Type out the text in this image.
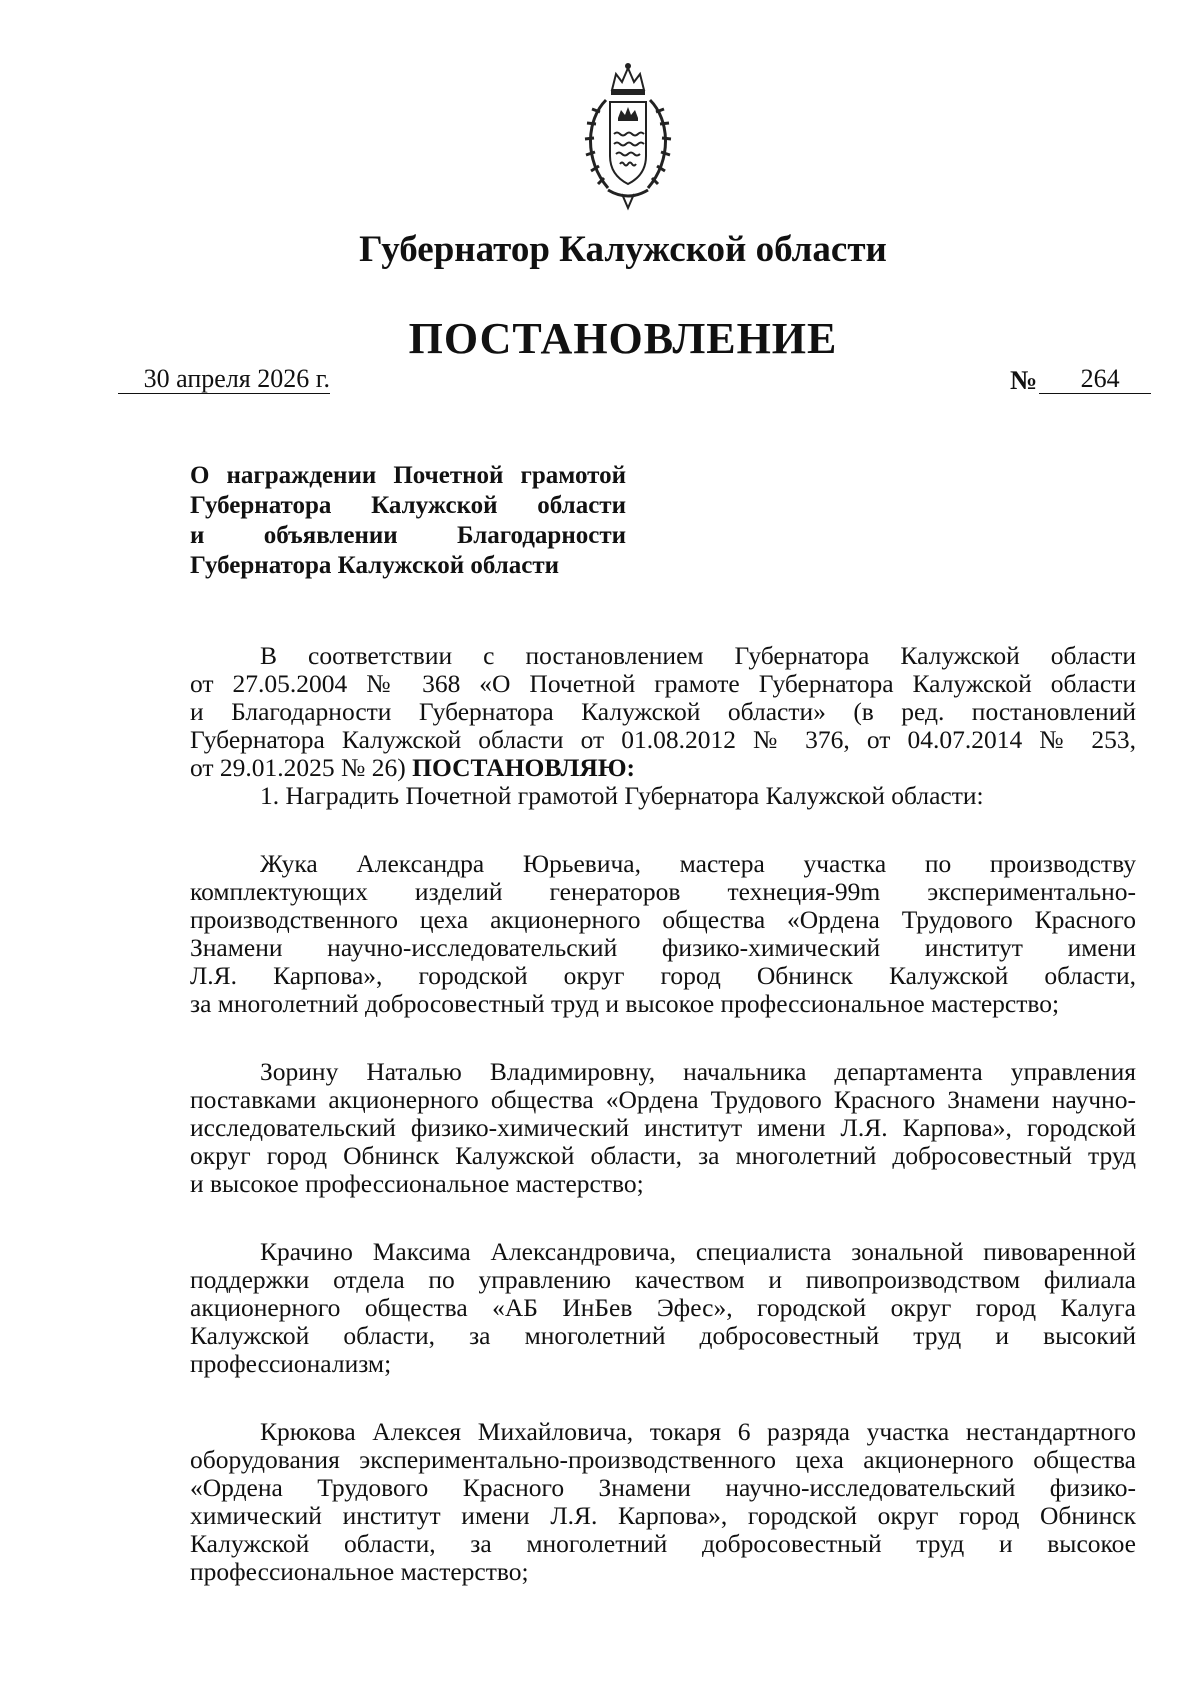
Губернатор Калужской области
ПОСТАНОВЛЕНИЕ
30 апреля 2026 г.	№	264
О награждении Почетной грамотой
Губернатора Калужской области
и объявлении Благодарности
Губернатора Калужской области
В соответствии с постановлением Губернатора Калужской области
от 27.05.2004 № 368 «О Почетной грамоте Губернатора Калужской области
и Благодарности Губернатора Калужской области» (в ред. постановлений
Губернатора Калужской области от 01.08.2012 № 376, от 04.07.2014 № 253,
от 29.01.2025 № 26) ПОСТАНОВЛЯЮ:
1. Наградить Почетной грамотой Губернатора Калужской области:
Жука Александра Юрьевича, мастера участка по производству
комплектующих изделий генераторов технеция-99m экспериментально-
производственного цеха акционерного общества «Ордена Трудового Красного
Знамени научно-исследовательский физико-химический институт имени
Л.Я. Карпова», городской округ город Обнинск Калужской области,
за многолетний добросовестный труд и высокое профессиональное мастерство;
Зорину Наталью Владимировну, начальника департамента управления
поставками акционерного общества «Ордена Трудового Красного Знамени научно-
исследовательский физико-химический институт имени Л.Я. Карпова», городской
округ город Обнинск Калужской области, за многолетний добросовестный труд
и высокое профессиональное мастерство;
Крачино Максима Александровича, специалиста зональной пивоваренной
поддержки отдела по управлению качеством и пивопроизводством филиала
акционерного общества «АБ ИнБев Эфес», городской округ город Калуга
Калужской области, за многолетний добросовестный труд и высокий
профессионализм;
Крюкова Алексея Михайловича, токаря 6 разряда участка нестандартного
оборудования экспериментально-производственного цеха акционерного общества
«Ордена Трудового Красного Знамени научно-исследовательский физико-
химический институт имени Л.Я. Карпова», городской округ город Обнинск
Калужской области, за многолетний добросовестный труд и высокое
профессиональное мастерство;
